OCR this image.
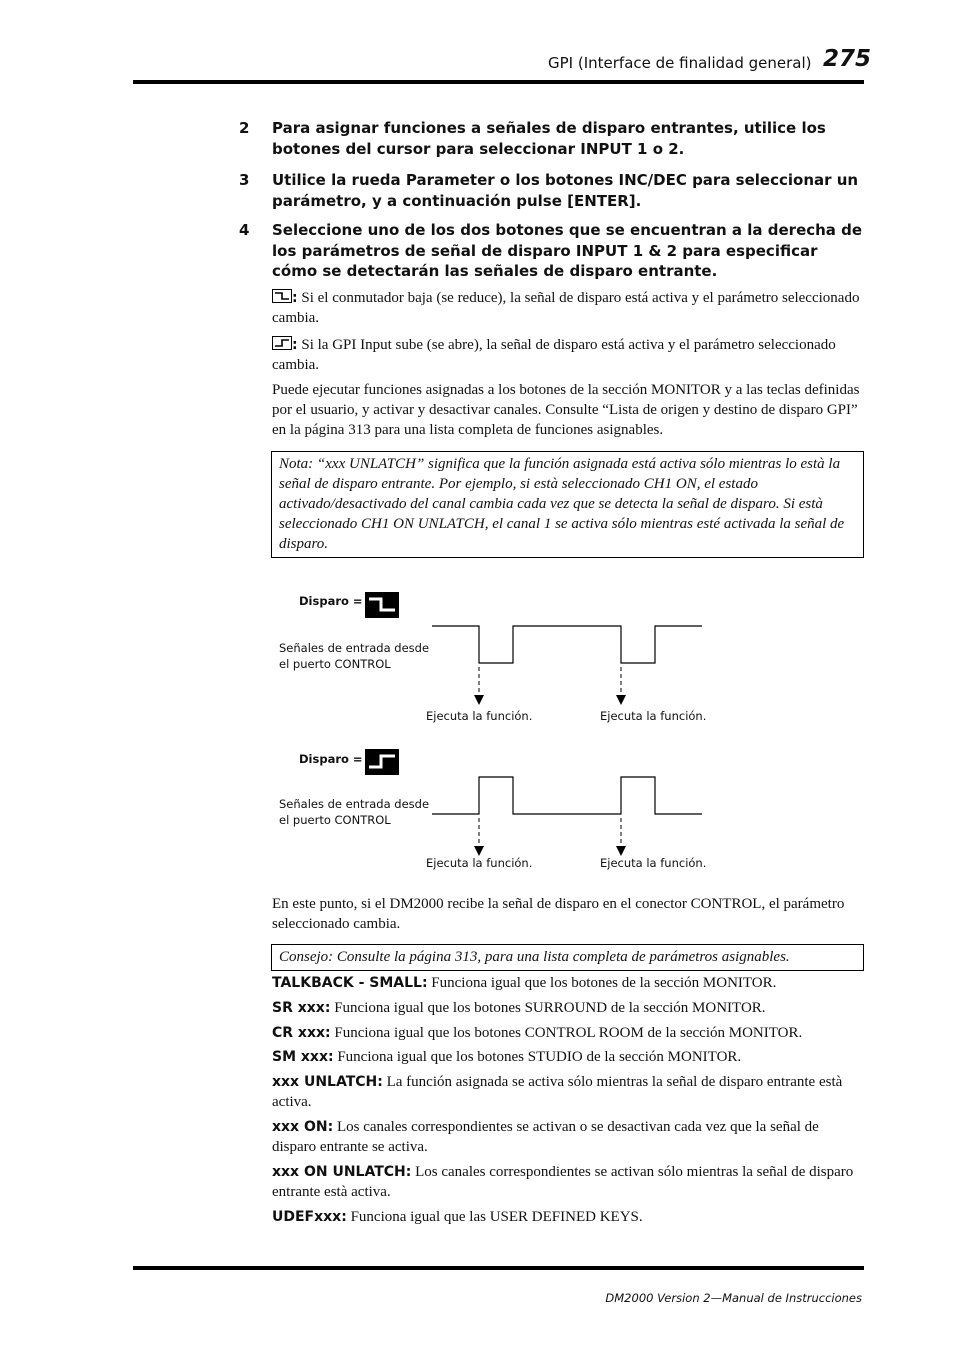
GPI (Interface de finalidad general) 275
2 Para asignar funciones a señales de disparo entrantes, utilice los botones del cursor para seleccionar INPUT 1 o 2.
3 Utilice la rueda Parameter o los botones INC/DEC para seleccionar un parámetro, y a continuación pulse [ENTER].
4 Seleccione uno de los dos botones que se encuentran a la derecha de los parámetros de señal de disparo INPUT 1 & 2 para especificar cómo se detectarán las señales de disparo entrante.
: Si el conmutador baja (se reduce), la señal de disparo está activa y el parámetro seleccionado cambia.
: Si la GPI Input sube (se abre), la señal de disparo está activa y el parámetro seleccionado cambia.
Puede ejecutar funciones asignadas a los botones de la sección MONITOR y a las teclas definidas por el usuario, y activar y desactivar canales. Consulte “Lista de origen y destino de disparo GPI” en la página 313 para una lista completa de funciones asignables.
Nota: “xxx UNLATCH” significa que la función asignada está activa sólo mientras lo està la señal de disparo entrante. Por ejemplo, si està seleccionado CH1 ON, el estado activado/desactivado del canal cambia cada vez que se detecta la señal de disparo. Si està seleccionado CH1 ON UNLATCH, el canal 1 se activa sólo mientras esté activada la señal de disparo.
Disparo =
Señales de entrada desde
el puerto CONTROL
Ejecuta la función.	Ejecuta la función.
Disparo =
Señales de entrada desde
el puerto CONTROL
Ejecuta la función.	Ejecuta la función.
En este punto, si el DM2000 recibe la señal de disparo en el conector CONTROL, el parámetro seleccionado cambia.
Consejo: Consulte la página 313, para una lista completa de parámetros asignables.
TALKBACK - SMALL: Funciona igual que los botones de la sección MONITOR.
SR xxx: Funciona igual que los botones SURROUND de la sección MONITOR.
CR xxx: Funciona igual que los botones CONTROL ROOM de la sección MONITOR.
SM xxx: Funciona igual que los botones STUDIO de la sección MONITOR.
xxx UNLATCH: La función asignada se activa sólo mientras la señal de disparo entrante està activa.
xxx ON: Los canales correspondientes se activan o se desactivan cada vez que la señal de disparo entrante se activa.
xxx ON UNLATCH: Los canales correspondientes se activan sólo mientras la señal de disparo entrante està activa.
UDEFxxx: Funciona igual que las USER DEFINED KEYS.
DM2000 Version 2—Manual de Instrucciones
